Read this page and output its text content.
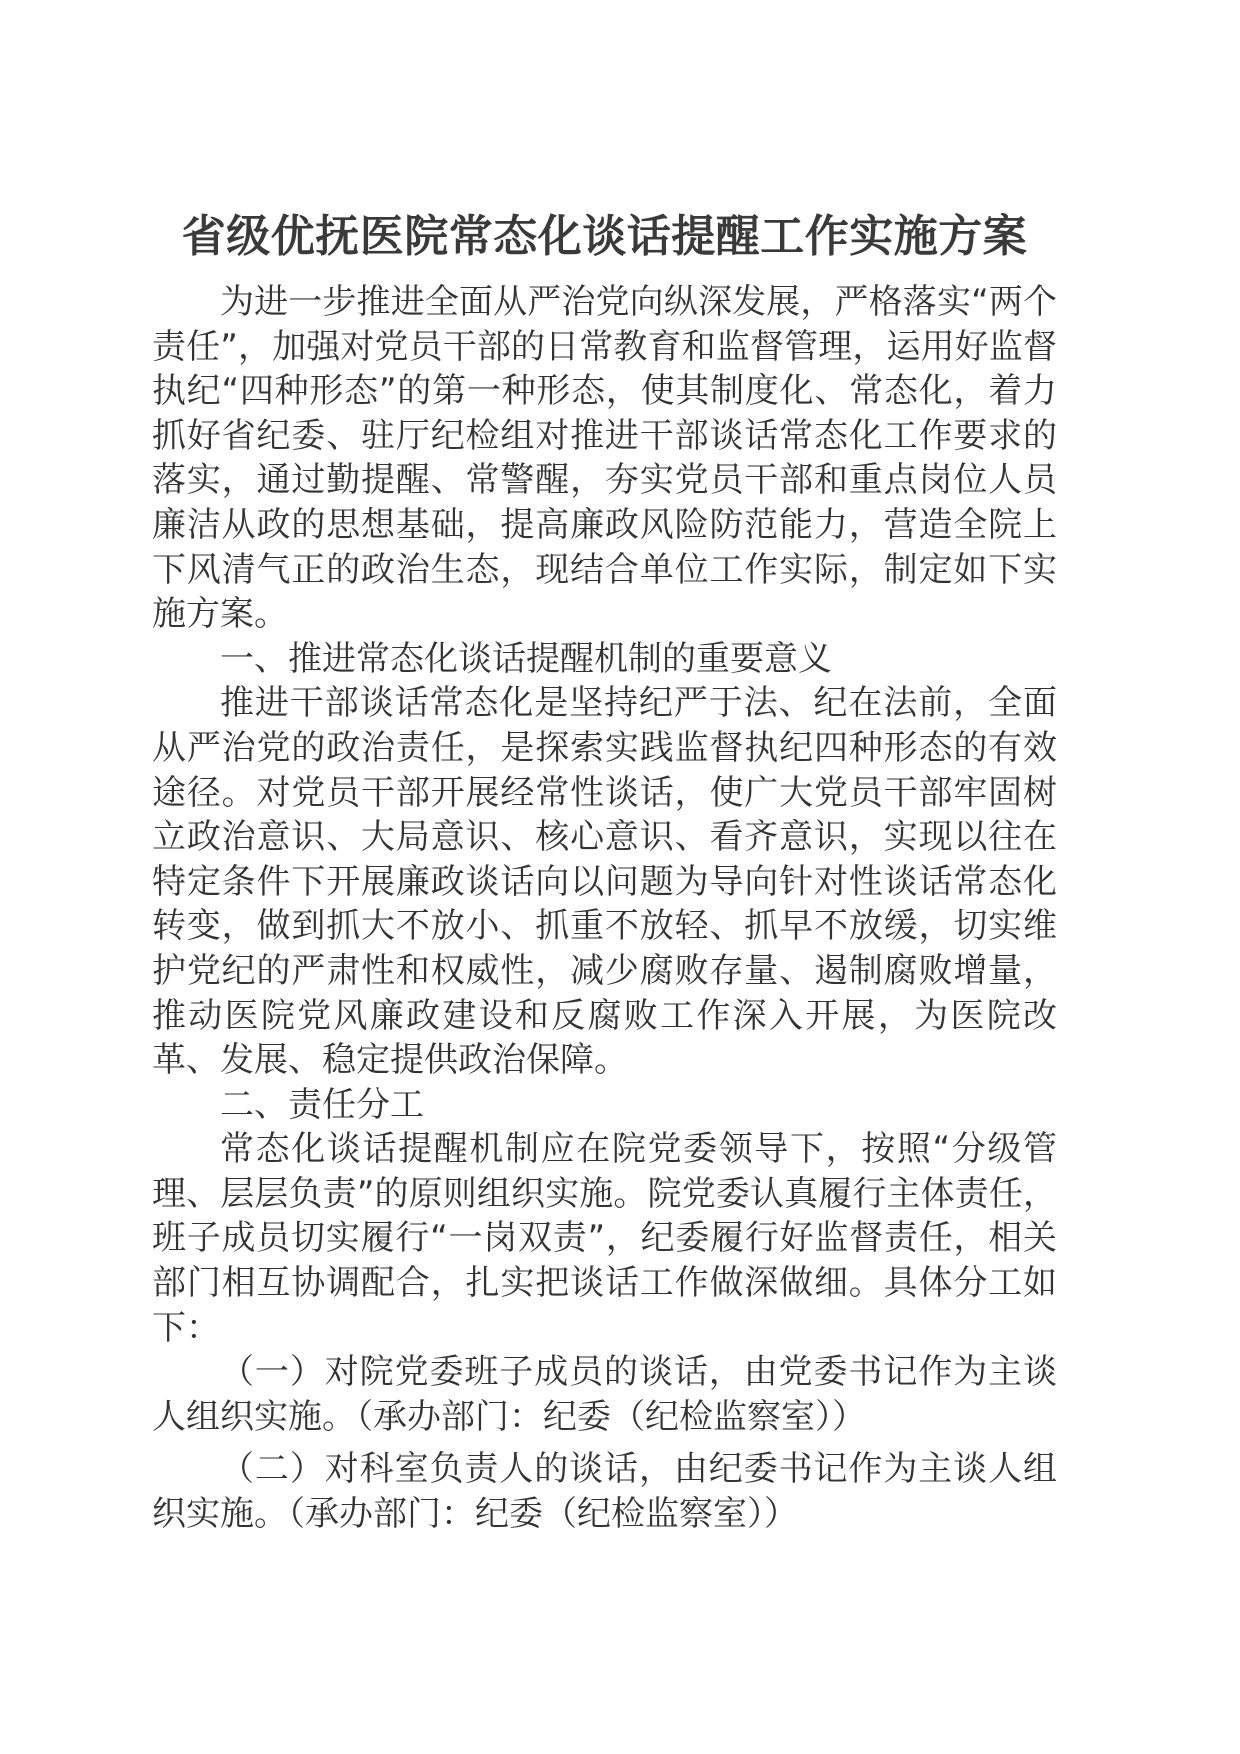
省级优抚医院常态化谈话提醒工作实施方案

为进一步推进全面从严治党向纵深发展，严格落实“两个责任”，加强对党员干部的日常教育和监督管理，运用好监督执纪“四种形态”的第一种形态，使其制度化、常态化，着力抓好省纪委、驻厅纪检组对推进干部谈话常态化工作要求的落实，通过勤提醒、常警醒，夯实党员干部和重点岗位人员廉洁从政的思想基础，提高廉政风险防范能力，营造全院上下风清气正的政治生态，现结合单位工作实际，制定如下实施方案。

一、推进常态化谈话提醒机制的重要意义

推进干部谈话常态化是坚持纪严于法、纪在法前，全面从严治党的政治责任，是探索实践监督执纪四种形态的有效途径。对党员干部开展经常性谈话，使广大党员干部牢固树立政治意识、大局意识、核心意识、看齐意识，实现以往在特定条件下开展廉政谈话向以问题为导向针对性谈话常态化转变，做到抓大不放小、抓重不放轻、抓早不放缓，切实维护党纪的严肃性和权威性，减少腐败存量、遏制腐败增量，推动医院党风廉政建设和反腐败工作深入开展，为医院改革、发展、稳定提供政治保障。

二、责任分工

常态化谈话提醒机制应在院党委领导下，按照“分级管理、层层负责”的原则组织实施。院党委认真履行主体责任，班子成员切实履行“一岗双责”，纪委履行好监督责任，相关部门相互协调配合，扎实把谈话工作做深做细。具体分工如下：

（一）对院党委班子成员的谈话，由党委书记作为主谈人组织实施。（承办部门：纪委（纪检监察室））

（二）对科室负责人的谈话，由纪委书记作为主谈人组织实施。（承办部门：纪委（纪检监察室））
